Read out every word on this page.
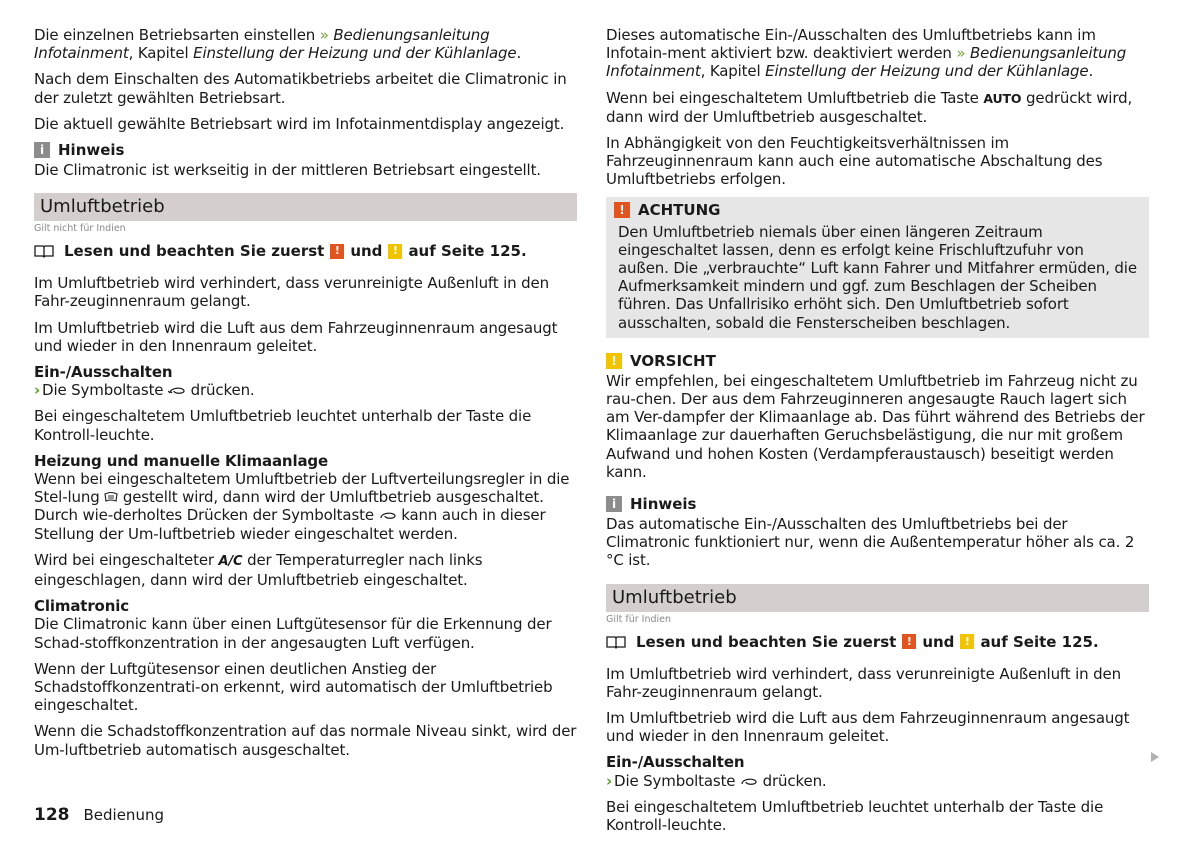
Die einzelnen Betriebsarten einstellen » Bedienungsanleitung Infotainment, Kapitel Einstellung der Heizung und der Kühlanlage.

Nach dem Einschalten des Automatikbetriebs arbeitet die Climatronic in der zuletzt gewählten Betriebsart.

Die aktuell gewählte Betriebsart wird im Infotainmentdisplay angezeigt.

i Hinweis

Die Climatronic ist werkseitig in der mittleren Betriebsart eingestellt.

Umluftbetrieb
Gilt nicht für Indien
Lesen und beachten Sie zuerst ! und ! auf Seite 125.

Im Umluftbetrieb wird verhindert, dass verunreinigte Außenluft in den Fahr-zeuginnenraum gelangt.

Im Umluftbetrieb wird die Luft aus dem Fahrzeuginnenraum angesaugt und wieder in den Innenraum geleitet.

Ein-/Ausschalten

› Die Symboltaste drücken.

Bei eingeschaltetem Umluftbetrieb leuchtet unterhalb der Taste die Kontroll-leuchte.

Heizung und manuelle Klimaanlage

Wenn bei eingeschaltetem Umluftbetrieb der Luftverteilungsregler in die Stel-lung gestellt wird, dann wird der Umluftbetrieb ausgeschaltet. Durch wie-derholtes Drücken der Symboltaste kann auch in dieser Stellung der Um-luftbetrieb wieder eingeschaltet werden.

Wird bei eingeschalteter A/C der Temperaturregler nach links eingeschlagen, dann wird der Umluftbetrieb eingeschaltet.

Climatronic

Die Climatronic kann über einen Luftgütesensor für die Erkennung der Schad-stoffkonzentration in der angesaugten Luft verfügen.

Wenn der Luftgütesensor einen deutlichen Anstieg der Schadstoffkonzentrati-on erkennt, wird automatisch der Umluftbetrieb eingeschaltet.

Wenn die Schadstoffkonzentration auf das normale Niveau sinkt, wird der Um-luftbetrieb automatisch ausgeschaltet.

Dieses automatische Ein-/Ausschalten des Umluftbetriebs kann im Infotain-ment aktiviert bzw. deaktiviert werden » Bedienungsanleitung Infotainment, Kapitel Einstellung der Heizung und der Kühlanlage.

Wenn bei eingeschaltetem Umluftbetrieb die Taste AUTO gedrückt wird, dann wird der Umluftbetrieb ausgeschaltet.

In Abhängigkeit von den Feuchtigkeitsverhältnissen im Fahrzeuginnenraum kann auch eine automatische Abschaltung des Umluftbetriebs erfolgen.

! ACHTUNG

Den Umluftbetrieb niemals über einen längeren Zeitraum eingeschaltet lassen, denn es erfolgt keine Frischluftzufuhr von außen. Die „verbrauchte“ Luft kann Fahrer und Mitfahrer ermüden, die Aufmerksamkeit mindern und ggf. zum Beschlagen der Scheiben führen. Das Unfallrisiko erhöht sich. Den Umluftbetrieb sofort ausschalten, sobald die Fensterscheiben beschlagen.

! VORSICHT

Wir empfehlen, bei eingeschaltetem Umluftbetrieb im Fahrzeug nicht zu rau-chen. Der aus dem Fahrzeuginneren angesaugte Rauch lagert sich am Ver-dampfer der Klimaanlage ab. Das führt während des Betriebs der Klimaanlage zur dauerhaften Geruchsbelästigung, die nur mit großem Aufwand und hohen Kosten (Verdampferaustausch) beseitigt werden kann.

i Hinweis

Das automatische Ein-/Ausschalten des Umluftbetriebs bei der Climatronic funktioniert nur, wenn die Außentemperatur höher als ca. 2 °C ist.

Umluftbetrieb
Gilt für Indien
Lesen und beachten Sie zuerst ! und ! auf Seite 125.

Im Umluftbetrieb wird verhindert, dass verunreinigte Außenluft in den Fahr-zeuginnenraum gelangt.

Im Umluftbetrieb wird die Luft aus dem Fahrzeuginnenraum angesaugt und wieder in den Innenraum geleitet.

Ein-/Ausschalten

› Die Symboltaste drücken.

Bei eingeschaltetem Umluftbetrieb leuchtet unterhalb der Taste die Kontroll-leuchte.

128 Bedienung
